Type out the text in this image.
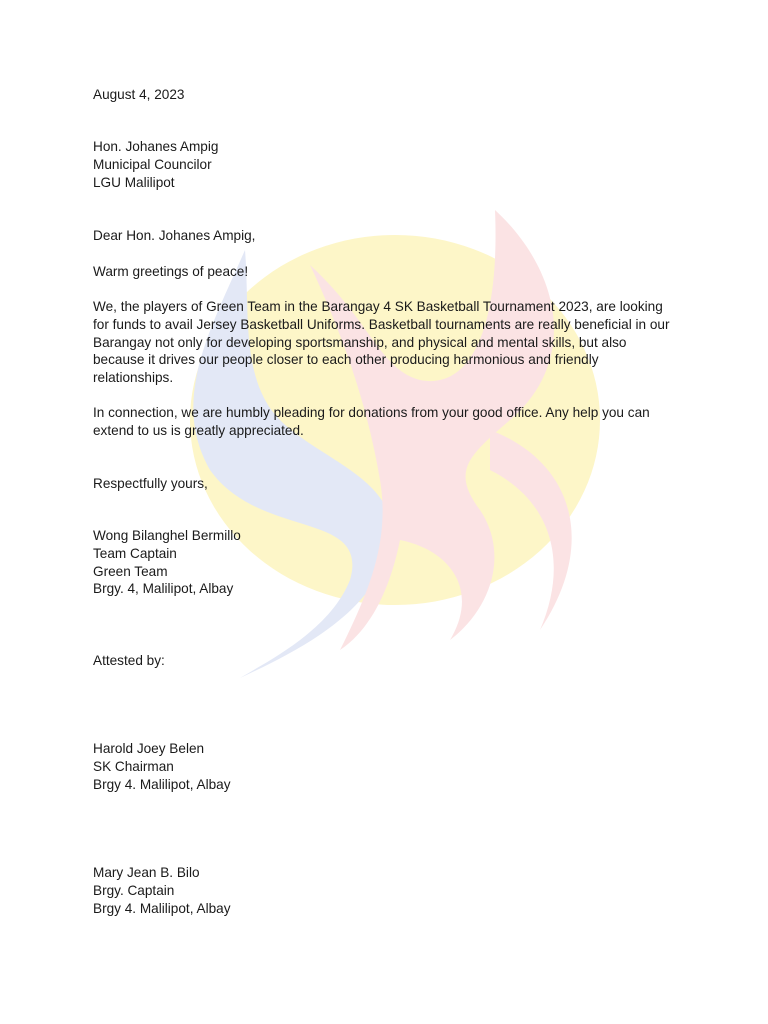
August 4, 2023

Hon. Johanes Ampig
Municipal Councilor
LGU Malilipot

Dear Hon. Johanes Ampig,

Warm greetings of peace!

We, the players of Green Team in the Barangay 4 SK Basketball Tournament 2023, are looking for funds to avail Jersey Basketball Uniforms. Basketball tournaments are really beneficial in our Barangay not only for developing sportsmanship, and physical and mental skills, but also because it drives our people closer to each other producing harmonious and friendly relationships.

In connection, we are humbly pleading for donations from your good office. Any help you can extend to us is greatly appreciated.

Respectfully yours,

Wong Bilanghel Bermillo
Team Captain
Green Team
Brgy. 4, Malilipot, Albay

Attested by:

Harold Joey Belen
SK Chairman
Brgy 4. Malilipot, Albay
Mary Jean B. Bilo
Brgy. Captain
Brgy 4. Malilipot, Albay
